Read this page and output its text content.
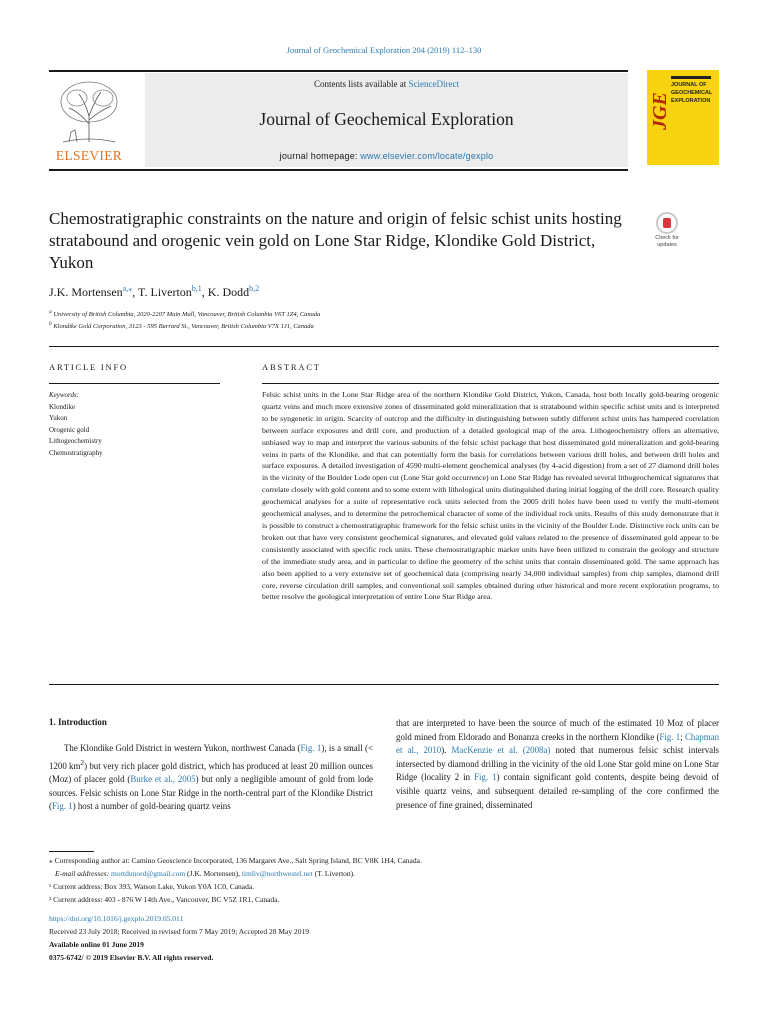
Journal of Geochemical Exploration 204 (2019) 112–130
Contents lists available at ScienceDirect
Journal of Geochemical Exploration
journal homepage: www.elsevier.com/locate/gexplo
ELSEVIER
JGE
JOURNAL OF
GEOCHEMICAL
EXPLORATION
Chemostratigraphic constraints on the nature and origin of felsic schist units hosting stratabound and orogenic vein gold on Lone Star Ridge, Klondike Gold District, Yukon
Check for updates
J.K. Mortensen$^{a,⁎}$, T. Liverton$^{b,1}$, K. Dodd$^{b,2}$
$^a$ University of British Columbia, 2020-2207 Main Mall, Vancouver, British Columbia V6T 1Z4, Canada
$^b$ Klondike Gold Corporation, 3123 - 595 Burrard St., Vancouver, British Columbia V7X 1J1, Canada
ARTICLE INFO	ABSTRACT
Keywords:
Klondike
Yukon
Orogenic gold
Lithogeochemistry
Chemostratigraphy

Felsic schist units in the Lone Star Ridge area of the northern Klondike Gold District, Yukon, Canada, host both locally gold-bearing orogenic quartz veins and much more extensive zones of disseminated gold mineralization that is stratabound within specific schist units and is interpreted to be syngenetic in origin. Scarcity of outcrop and the difficulty in distinguishing between subtly different schist units has hampered correlation between surface exposures and drill core, and production of a detailed geological map of the area. Lithogeochemistry offers an alternative, unbiased way to map and interpret the various subunits of the felsic schist package that host disseminated gold mineralization and gold-bearing veins in parts of the Klondike, and that can potentially form the basis for correlations between various drill holes, and between drill holes and surface exposures. A detailed investigation of 4590 multi-element geochemical analyses (by 4-acid digestion) from a set of 27 diamond drill holes in the vicinity of the Boulder Lode open cut (Lone Star gold occurrence) on Lone Star Ridge has revealed several lithogeochemical signatures that correlate closely with gold content and to some extent with lithological units distinguished during initial logging of the drill core. Research quality geochemical analyses for a suite of representative rock units selected from the 2005 drill holes have been used to verify the multi-element geochemical analyses, and to determine the petrochemical character of some of the individual rock units. Results of this study demonstrate that it is possible to construct a chemostratigraphic framework for the felsic schist units in the vicinity of the Boulder Lode. Distinctive rock units can be broken out that have very consistent geochemical signatures, and elevated gold values related to the presence of disseminated gold appear to be consistently associated with specific rock units. These chemostratigraphic marker units have been utilized to constrain the geology and structure of the immediate study area, and in particular to define the geometry of the schist units that contain disseminated gold. The same approach has also been applied to a very extensive set of geochemical data (comprising nearly 34,000 individual samples) from chip samples, diamond drill core, reverse circulation drill samples, and conventional soil samples obtained during other historical and more recent exploration programs, to better resolve the geological interpretation of entire Lone Star Ridge area.

1. Introduction

The Klondike Gold District in western Yukon, northwest Canada (Fig. 1), is a small (< 1200 $km^2$) but very rich placer gold district, which has produced at least 20 million ounces (Moz) of placer gold (Burke et al., 2005) but only a negligible amount of gold from lode sources. Felsic schists on Lone Star Ridge in the north-central part of the Klondike District (Fig. 1) host a number of gold-bearing quartz veins

that are interpreted to have been the source of much of the estimated 10 Moz of placer gold mined from Eldorado and Bonanza creeks in the northern Klondike (Fig. 1; Chapman et al., 2010). MacKenzie et al. (2008a) noted that numerous felsic schist intervals intersected by diamond drilling in the vicinity of the old Lone Star gold mine on Lone Star Ridge (locality 2 in Fig. 1) contain significant gold contents, despite being devoid of visible quartz veins, and subsequent detailed re-sampling of the core confirmed the presence of fine grained, disseminated

⁎ Corresponding author at: Camino Geoscience Incorporated, 136 Margaret Ave., Salt Spring Island, BC V8K 1H4, Canada.
E-mail addresses: mortdunord@gmail.com (J.K. Mortensen), timliv@northwestel.net (T. Liverton).
¹ Current address: Box 393, Watson Lake, Yukon Y0A 1C0, Canada.
² Current address: 403 - 876 W 14th Ave., Vancouver, BC V5Z 1R1, Canada.
https://doi.org/10.1016/j.gexplo.2019.05.011
Received 23 July 2018; Received in revised form 7 May 2019; Accepted 28 May 2019
Available online 01 June 2019
0375-6742/ © 2019 Elsevier B.V. All rights reserved.
